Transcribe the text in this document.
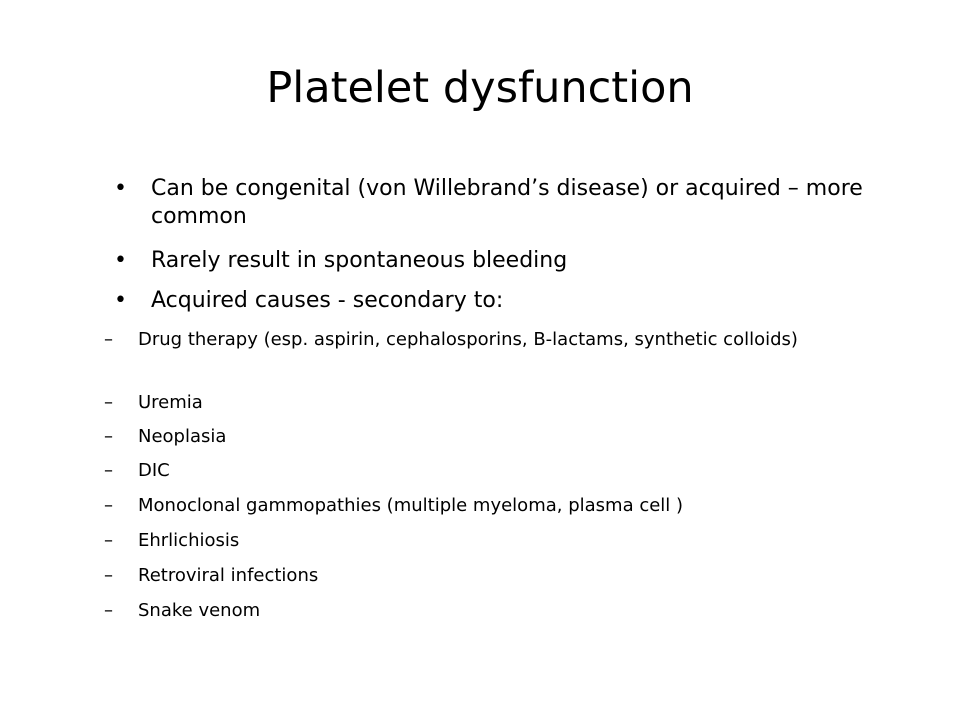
Platelet dysfunction
• Can be congenital (von Willebrand’s disease) or acquired – more common
• Rarely result in spontaneous bleeding
• Acquired causes - secondary to:
– Drug therapy (esp. aspirin, cephalosporins, B-lactams, synthetic colloids)
– Uremia
– Neoplasia
– DIC
– Monoclonal gammopathies (multiple myeloma, plasma cell )
– Ehrlichiosis
– Retroviral infections
– Snake venom
